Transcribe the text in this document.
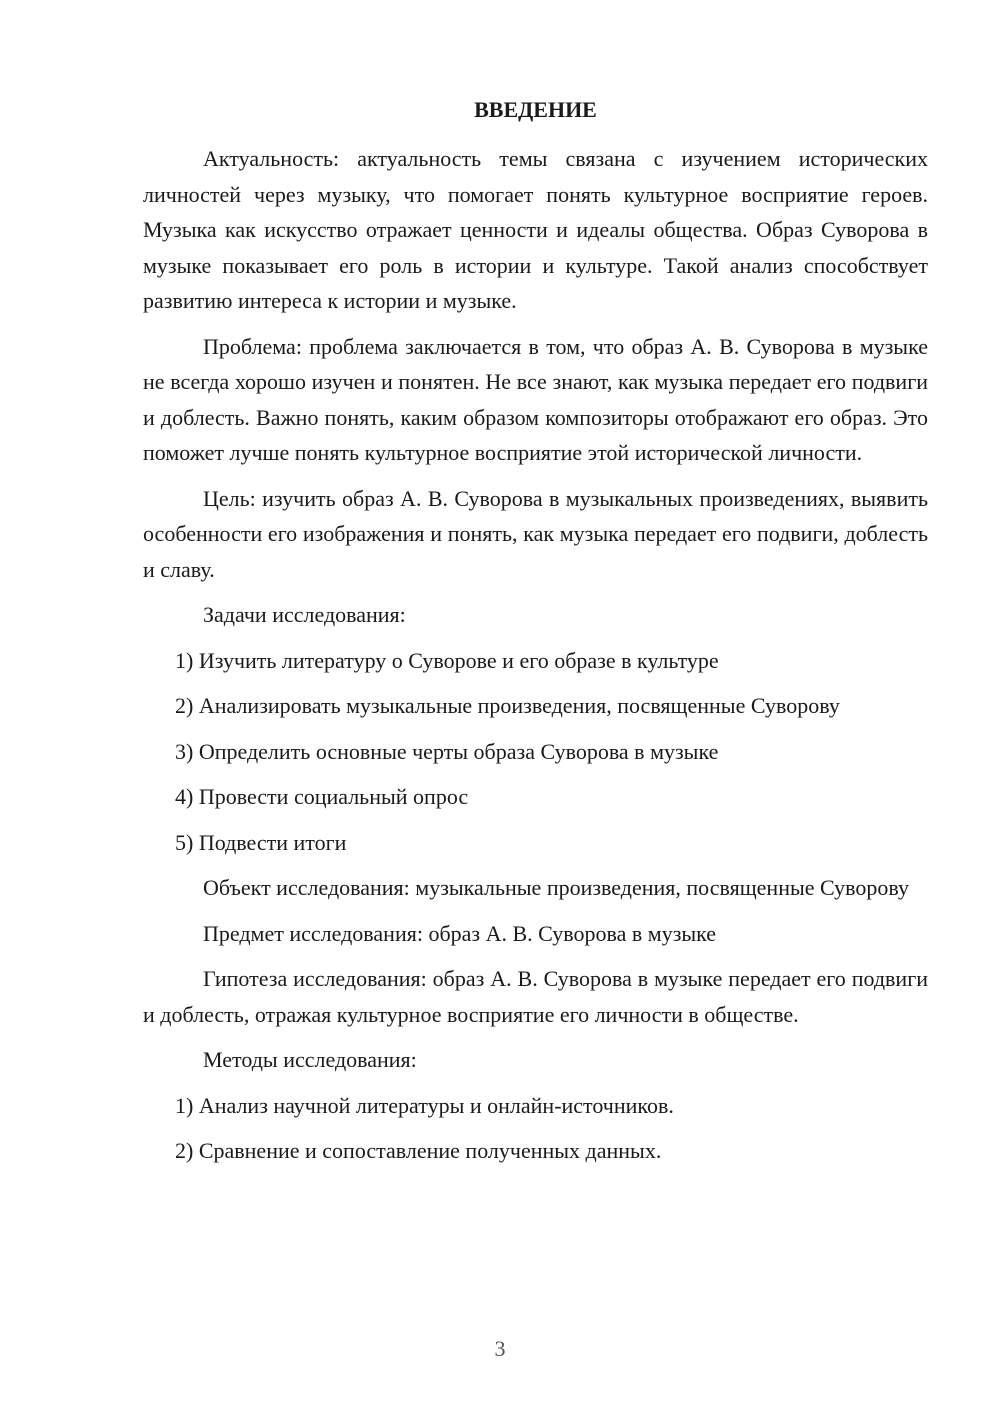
ВВЕДЕНИЕ

Актуальность: актуальность темы связана с изучением исторических личностей через музыку, что помогает понять культурное восприятие героев. Музыка как искусство отражает ценности и идеалы общества. Образ Суворова в музыке показывает его роль в истории и культуре. Такой анализ способствует развитию интереса к истории и музыке.

Проблема: проблема заключается в том, что образ А. В. Суворова в музыке не всегда хорошо изучен и понятен. Не все знают, как музыка передает его подвиги и доблесть. Важно понять, каким образом композиторы отображают его образ. Это поможет лучше понять культурное восприятие этой исторической личности.

Цель: изучить образ А. В. Суворова в музыкальных произведениях, выявить особенности его изображения и понять, как музыка передает его подвиги, доблесть и славу.

Задачи исследования:

1) Изучить литературу о Суворове и его образе в культуре
2) Анализировать музыкальные произведения, посвященные Суворову
3) Определить основные черты образа Суворова в музыке
4) Провести социальный опрос
5) Подвести итоги

Объект исследования: музыкальные произведения, посвященные Суворову

Предмет исследования: образ А. В. Суворова в музыке

Гипотеза исследования: образ А. В. Суворова в музыке передает его подвиги и доблесть, отражая культурное восприятие его личности в обществе.

Методы исследования:

1) Анализ научной литературы и онлайн-источников.
2) Сравнение и сопоставление полученных данных.
3
